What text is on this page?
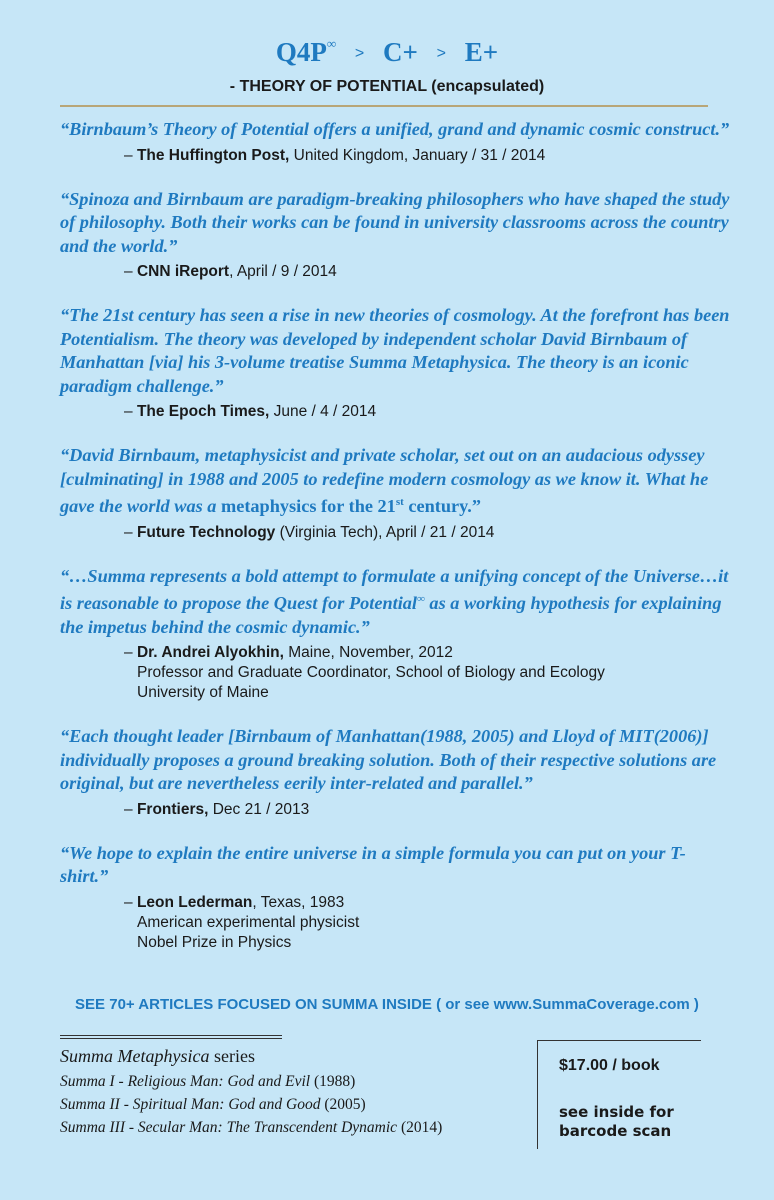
Q4P∞ > C+ > E+
- THEORY OF POTENTIAL (encapsulated)
“Birnbaum’s Theory of Potential offers a unified, grand and dynamic cosmic construct.”
– The Huffington Post, United Kingdom, January / 31 / 2014
“Spinoza and Birnbaum are paradigm-breaking philosophers who have shaped the study of philosophy. Both their works can be found in university classrooms across the country and the world.”
– CNN iReport, April / 9 / 2014
“The 21st century has seen a rise in new theories of cosmology. At the forefront has been Potentialism. The theory was developed by independent scholar David Birnbaum of Manhattan [via] his 3-volume treatise Summa Metaphysica. The theory is an iconic paradigm challenge.”
– The Epoch Times, June / 4 / 2014
“David Birnbaum, metaphysicist and private scholar, set out on an audacious odyssey [culminating] in 1988 and 2005 to redefine modern cosmology as we know it. What he gave the world was a metaphysics for the 21st century.”
– Future Technology (Virginia Tech), April / 21 / 2014
“…Summa represents a bold attempt to formulate a unifying concept of the Universe…it is reasonable to propose the Quest for Potential∞ as a working hypothesis for explaining the impetus behind the cosmic dynamic.”
– Dr. Andrei Alyokhin, Maine, November, 2012
Professor and Graduate Coordinator, School of Biology and Ecology
University of Maine
“Each thought leader [Birnbaum of Manhattan(1988, 2005) and Lloyd of MIT(2006)] individually proposes a ground breaking solution. Both of their respective solutions are original, but are nevertheless eerily inter-related and parallel.”
– Frontiers, Dec 21 / 2013
“We hope to explain the entire universe in a simple formula you can put on your T-shirt.”
– Leon Lederman, Texas, 1983
American experimental physicist
Nobel Prize in Physics
SEE 70+ ARTICLES FOCUSED ON SUMMA INSIDE ( or see www.SummaCoverage.com )
Summa Metaphysica series
Summa I - Religious Man: God and Evil (1988)
Summa II - Spiritual Man: God and Good (2005)
Summa III - Secular Man: The Transcendent Dynamic (2014)
$17.00 / book
see inside for barcode scan
